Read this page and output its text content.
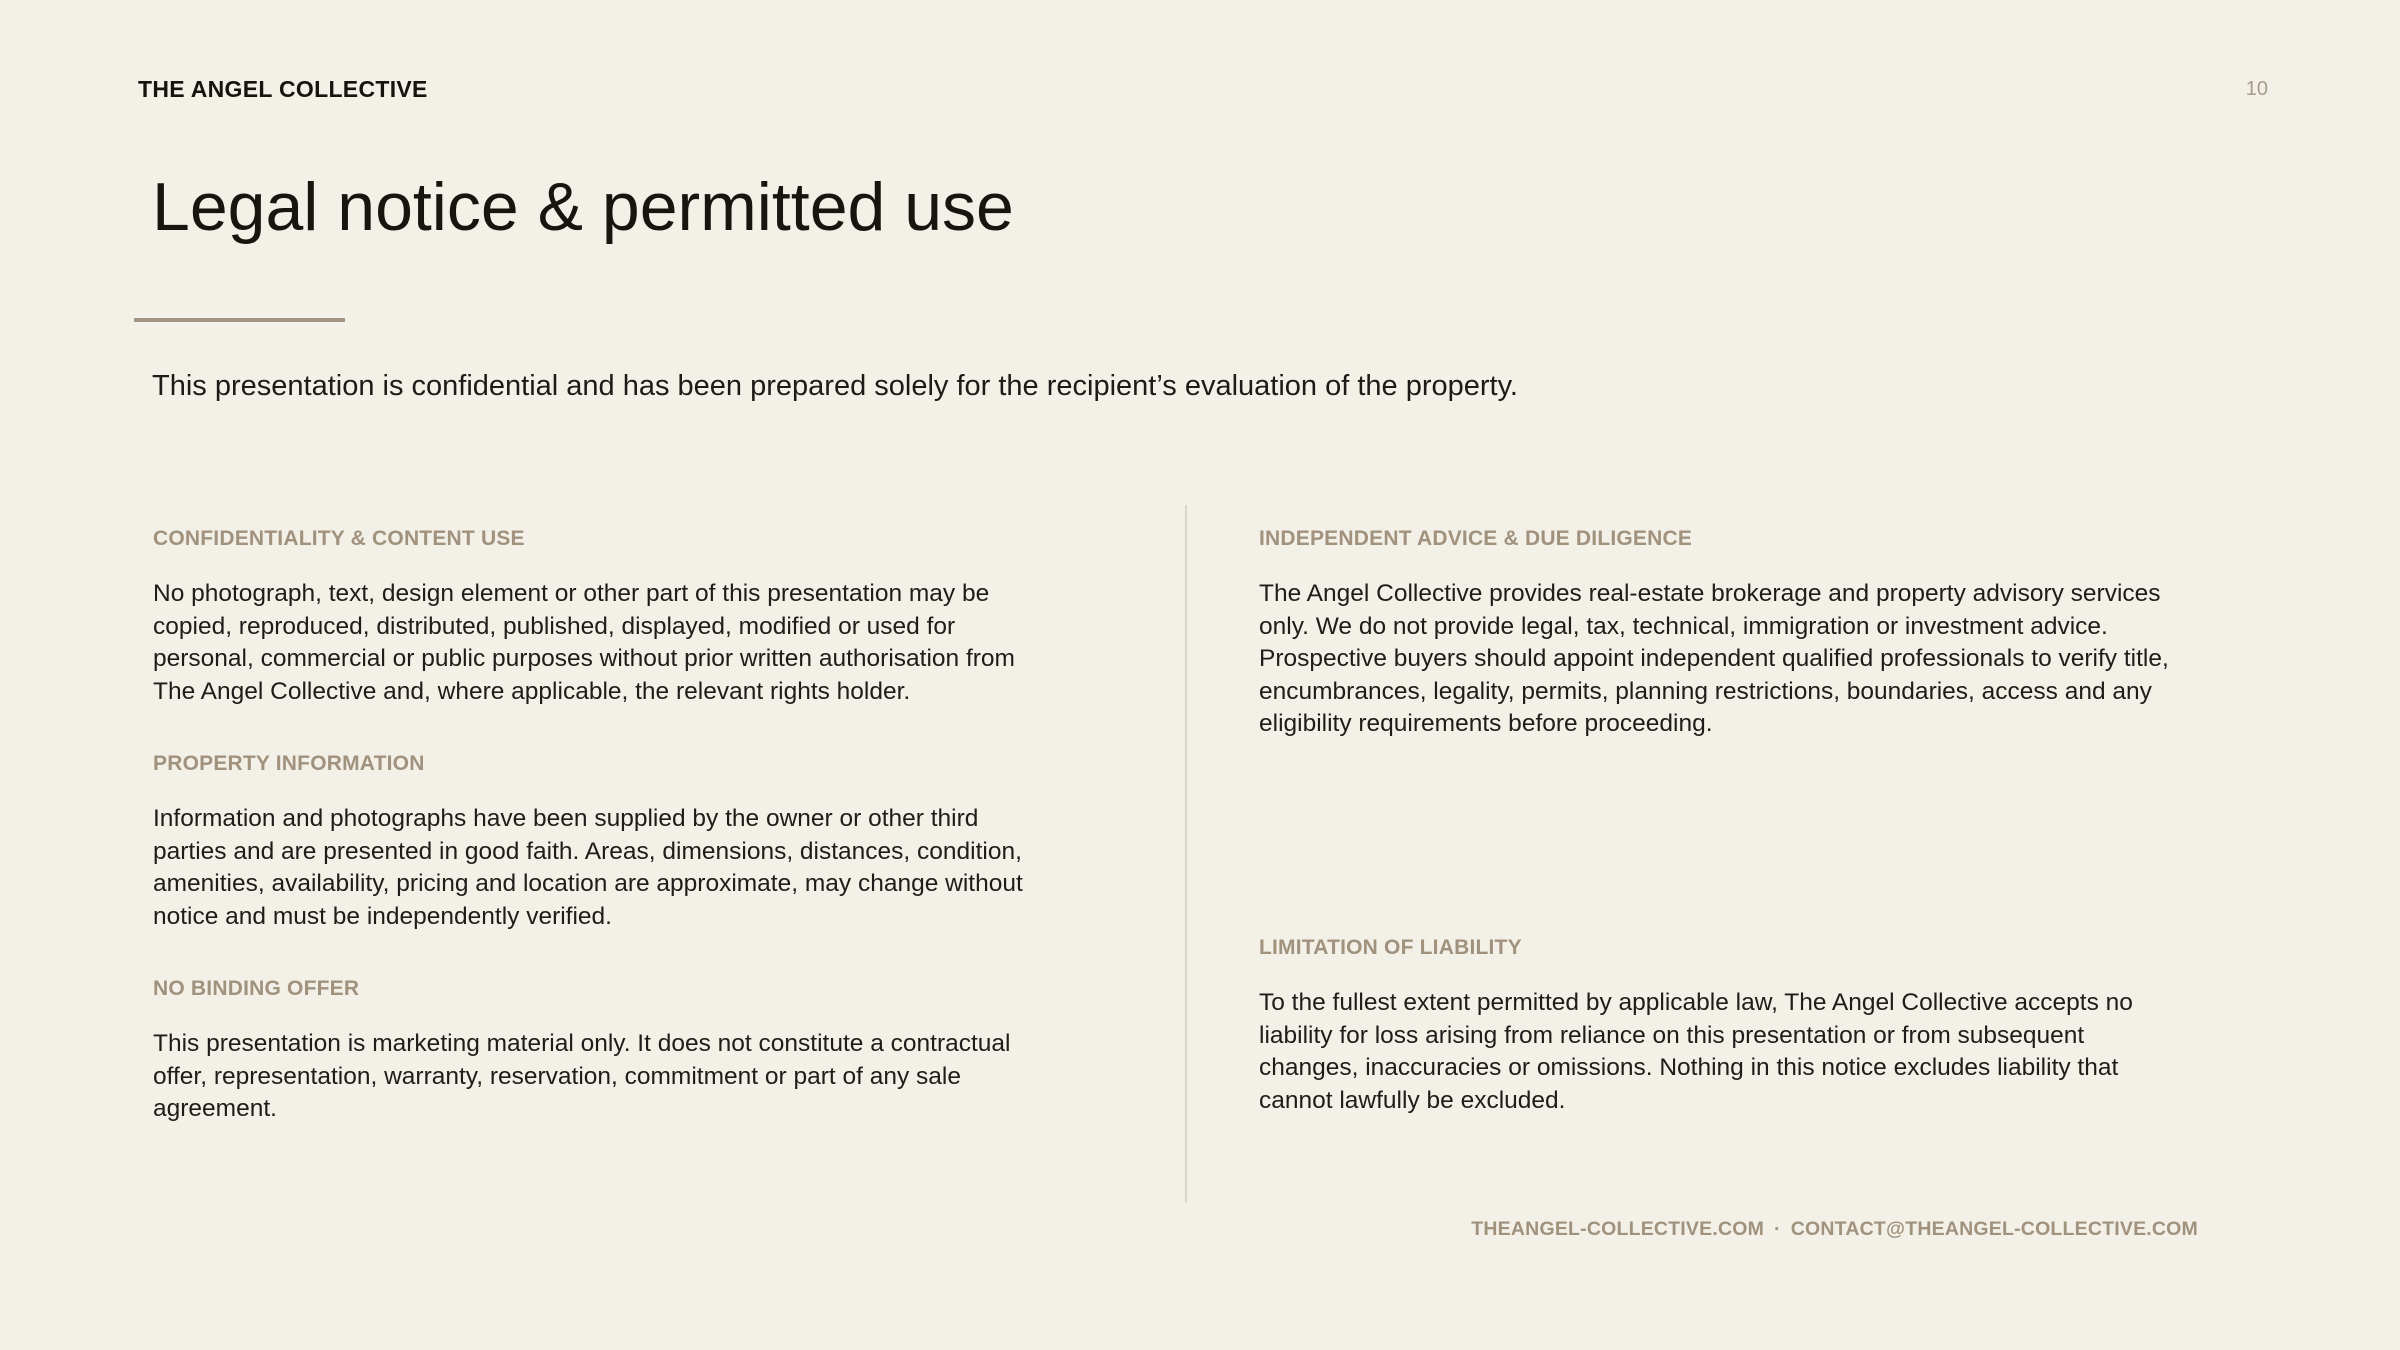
THE ANGEL COLLECTIVE	10
Legal notice & permitted use

This presentation is confidential and has been prepared solely for the recipient’s evaluation of the property.

CONFIDENTIALITY & CONTENT USE

No photograph, text, design element or other part of this presentation may be copied, reproduced, distributed, published, displayed, modified or used for personal, commercial or public purposes without prior written authorisation from The Angel Collective and, where applicable, the relevant rights holder.

PROPERTY INFORMATION

Information and photographs have been supplied by the owner or other third parties and are presented in good faith. Areas, dimensions, distances, condition, amenities, availability, pricing and location are approximate, may change without notice and must be independently verified.

NO BINDING OFFER

This presentation is marketing material only. It does not constitute a contractual offer, representation, warranty, reservation, commitment or part of any sale agreement.

INDEPENDENT ADVICE & DUE DILIGENCE

The Angel Collective provides real-estate brokerage and property advisory services only. We do not provide legal, tax, technical, immigration or investment advice. Prospective buyers should appoint independent qualified professionals to verify title, encumbrances, legality, permits, planning restrictions, boundaries, access and any eligibility requirements before proceeding.

LIMITATION OF LIABILITY

To the fullest extent permitted by applicable law, The Angel Collective accepts no liability for loss arising from reliance on this presentation or from subsequent changes, inaccuracies or omissions. Nothing in this notice excludes liability that cannot lawfully be excluded.

THEANGEL-COLLECTIVE.COM · CONTACT@THEANGEL-COLLECTIVE.COM
